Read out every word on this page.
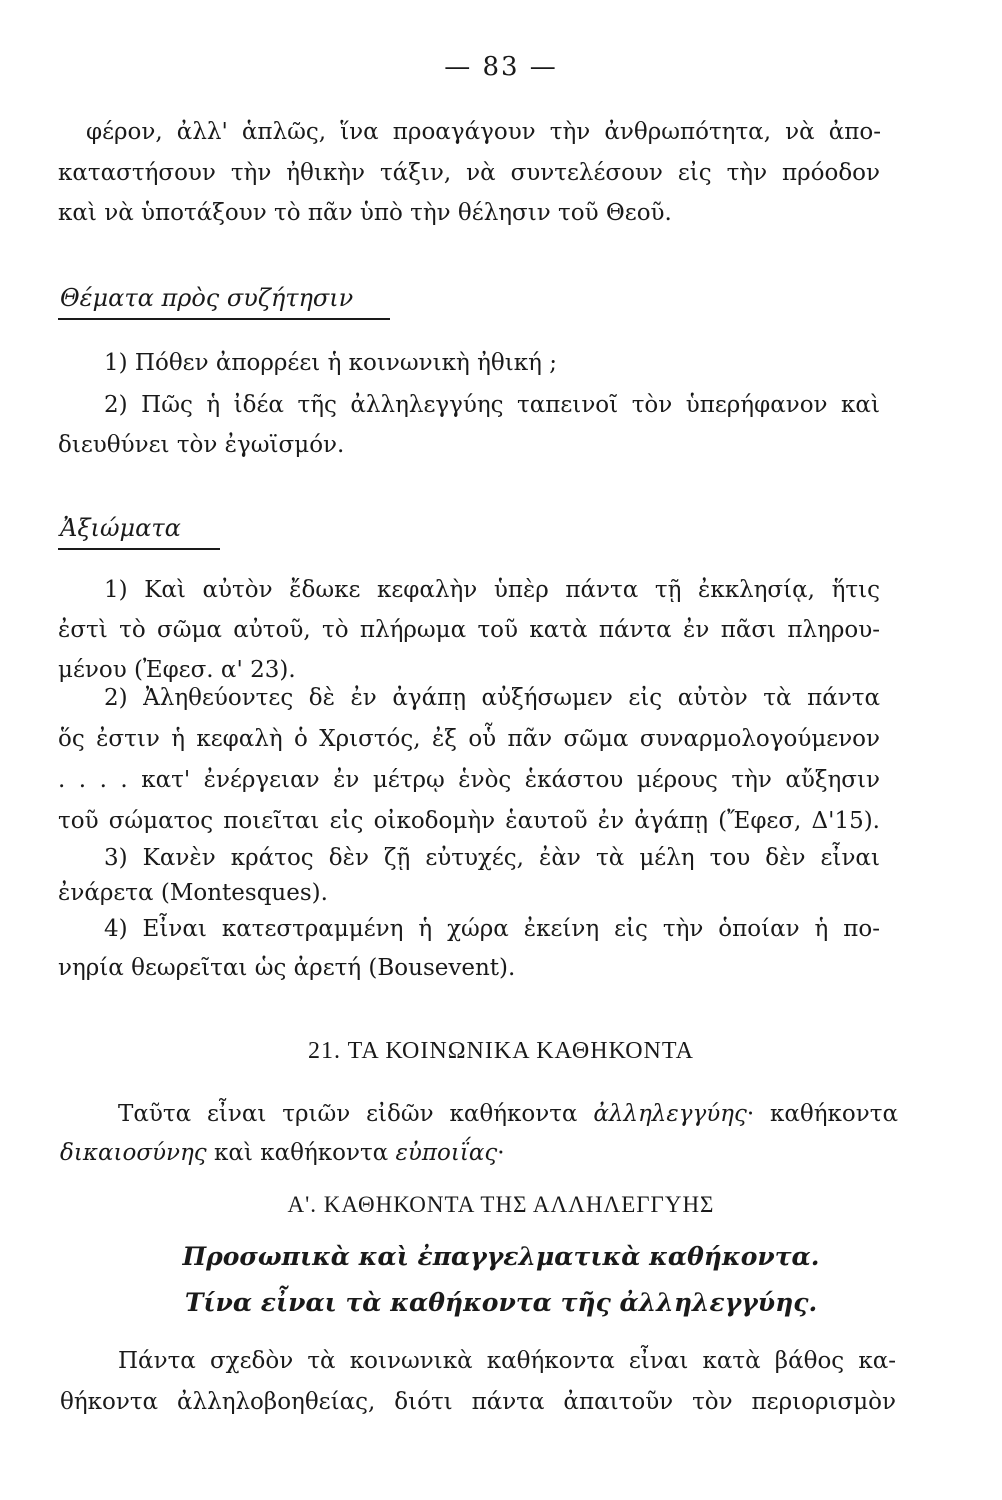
— 83 —
φέρον, ἀλλ' ἁπλῶς, ἵνα προαγάγουν τὴν ἀνθρωπότητα, νὰ ἀπο-
καταστήσουν τὴν ἠθικὴν τάξιν, νὰ συντελέσουν εἰς τὴν πρόοδον
καὶ νὰ ὑποτάξουν τὸ πᾶν ὑπὸ τὴν θέλησιν τοῦ Θεοῦ.
Θέματα πρὸς συζήτησιν
1) Πόθεν ἀπορρέει ἡ κοινωνικὴ ἠθική ;
2) Πῶς ἡ ἰδέα τῆς ἀλληλεγγύης ταπεινοῖ τὸν ὑπερήφανον καὶ
διευθύνει τὸν ἐγωϊσμόν.
Ἀξιώματα
1) Καὶ αὐτὸν ἔδωκε κεφαλὴν ὑπὲρ πάντα τῇ ἐκκλησίᾳ, ἥτις
ἐστὶ τὸ σῶμα αὐτοῦ, τὸ πλήρωμα τοῦ κατὰ πάντα ἐν πᾶσι πληρου-
μένου (Ἐφεσ. α' 23).
2) Ἀληθεύοντες δὲ ἐν ἀγάπῃ αὐξήσωμεν εἰς αὐτὸν τὰ πάντα
ὅς ἐστιν ἡ κεφαλὴ ὁ Χριστός, ἐξ οὗ πᾶν σῶμα συναρμολογούμενον
. . . . κατ' ἐνέργειαν ἐν μέτρῳ ἑνὸς ἑκάστου μέρους τὴν αὔξησιν
τοῦ σώματος ποιεῖται εἰς οἰκοδομὴν ἑαυτοῦ ἐν ἀγάπῃ (Ἔφεσ, Δ'15).
3) Κανὲν κράτος δὲν ζῇ εὐτυχές, ἐὰν τὰ μέλη του δὲν εἶναι
ἐνάρετα (Montesques).
4) Εἶναι κατεστραμμένη ἡ χώρα ἐκείνη εἰς τὴν ὁποίαν ἡ πο-
νηρία θεωρεῖται ὡς ἀρετή (Bousevent).
21. ΤΑ ΚΟΙΝΩΝΙΚΑ ΚΑΘΗΚΟΝΤΑ
Ταῦτα εἶναι τριῶν εἰδῶν καθήκοντα ἀλληλεγγύης· καθήκοντα
δικαιοσύνης καὶ καθήκοντα εὐποιΐας·
Α'. ΚΑΘΗΚΟΝΤΑ ΤΗΣ ΑΛΛΗΛΕΓΓΥΗΣ
Προσωπικὰ καὶ ἐπαγγελματικὰ καθήκοντα.
Τίνα εἶναι τὰ καθήκοντα τῆς ἀλληλεγγύης.
Πάντα σχεδὸν τὰ κοινωνικὰ καθήκοντα εἶναι κατὰ βάθος κα-
θήκοντα ἀλληλοβοηθείας, διότι πάντα ἀπαιτοῦν τὸν περιορισμὸν
